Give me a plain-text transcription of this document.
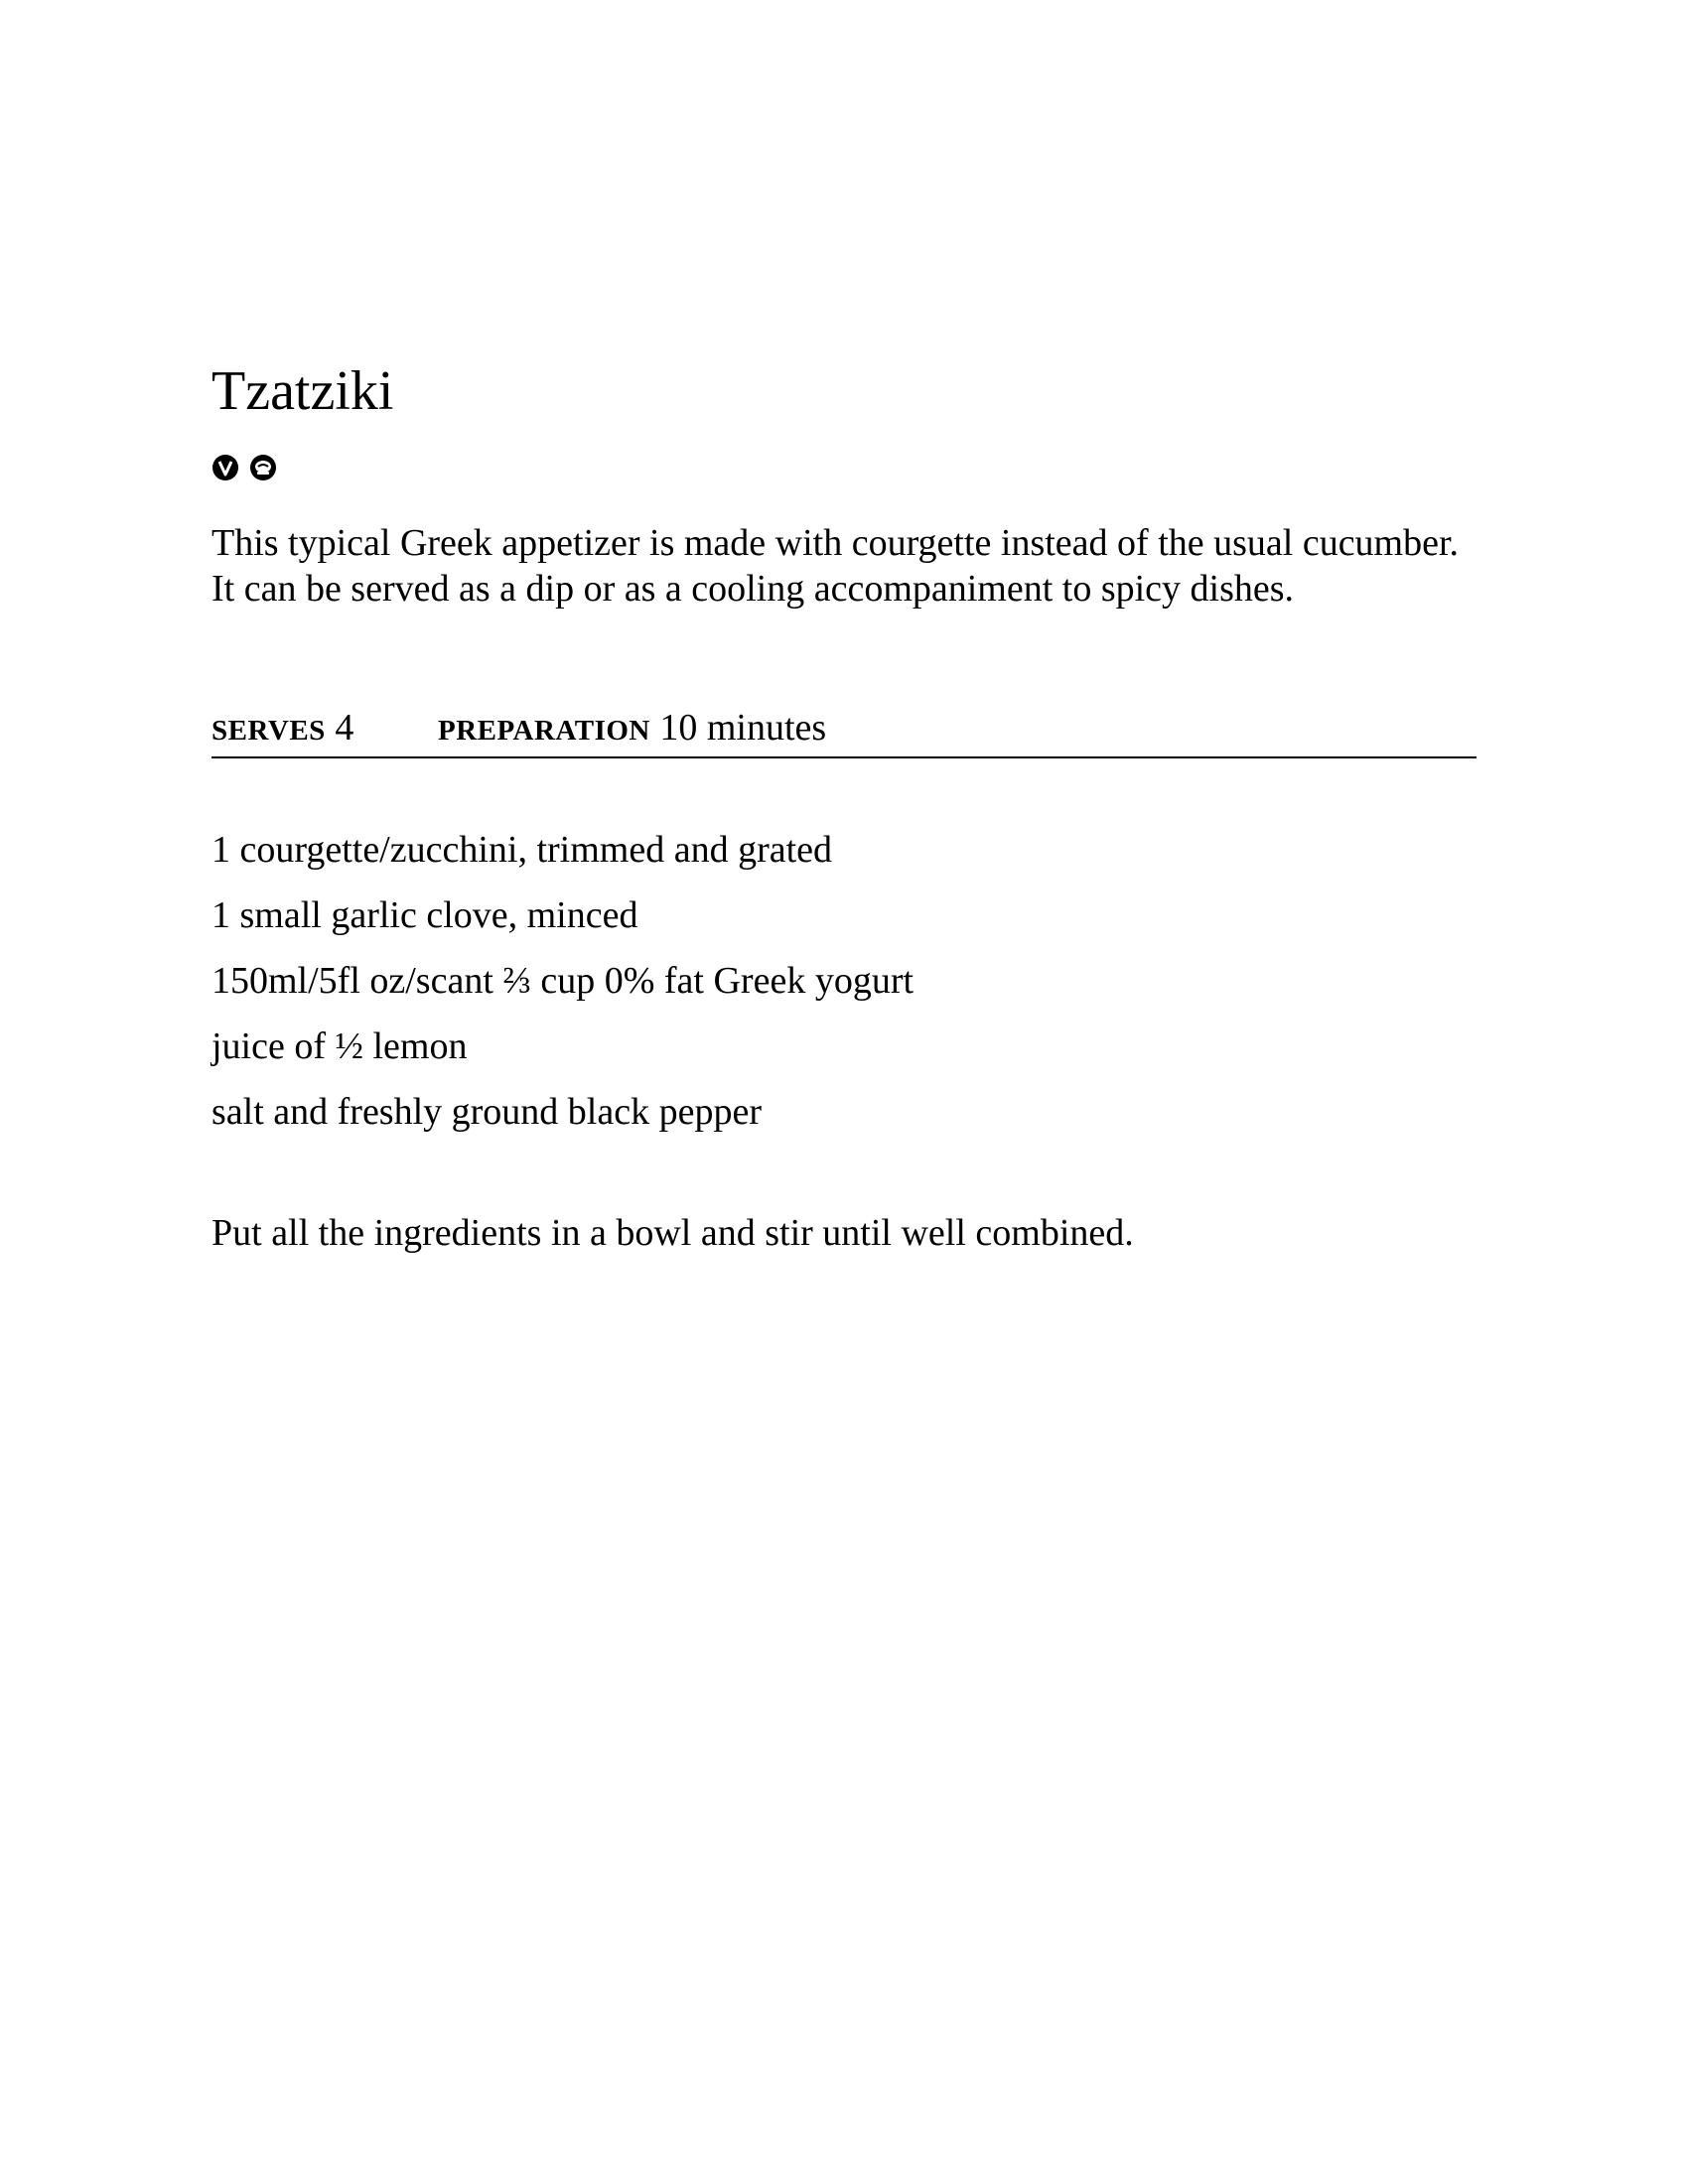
Tzatziki

This typical Greek appetizer is made with courgette instead of the usual cucumber. It can be served as a dip or as a cooling accompaniment to spicy dishes.

SERVES 4	PREPARATION 10 minutes
1 courgette/zucchini, trimmed and grated
1 small garlic clove, minced
150ml/5fl oz/scant ⅔ cup 0% fat Greek yogurt
juice of ½ lemon
salt and freshly ground black pepper

Put all the ingredients in a bowl and stir until well combined.
